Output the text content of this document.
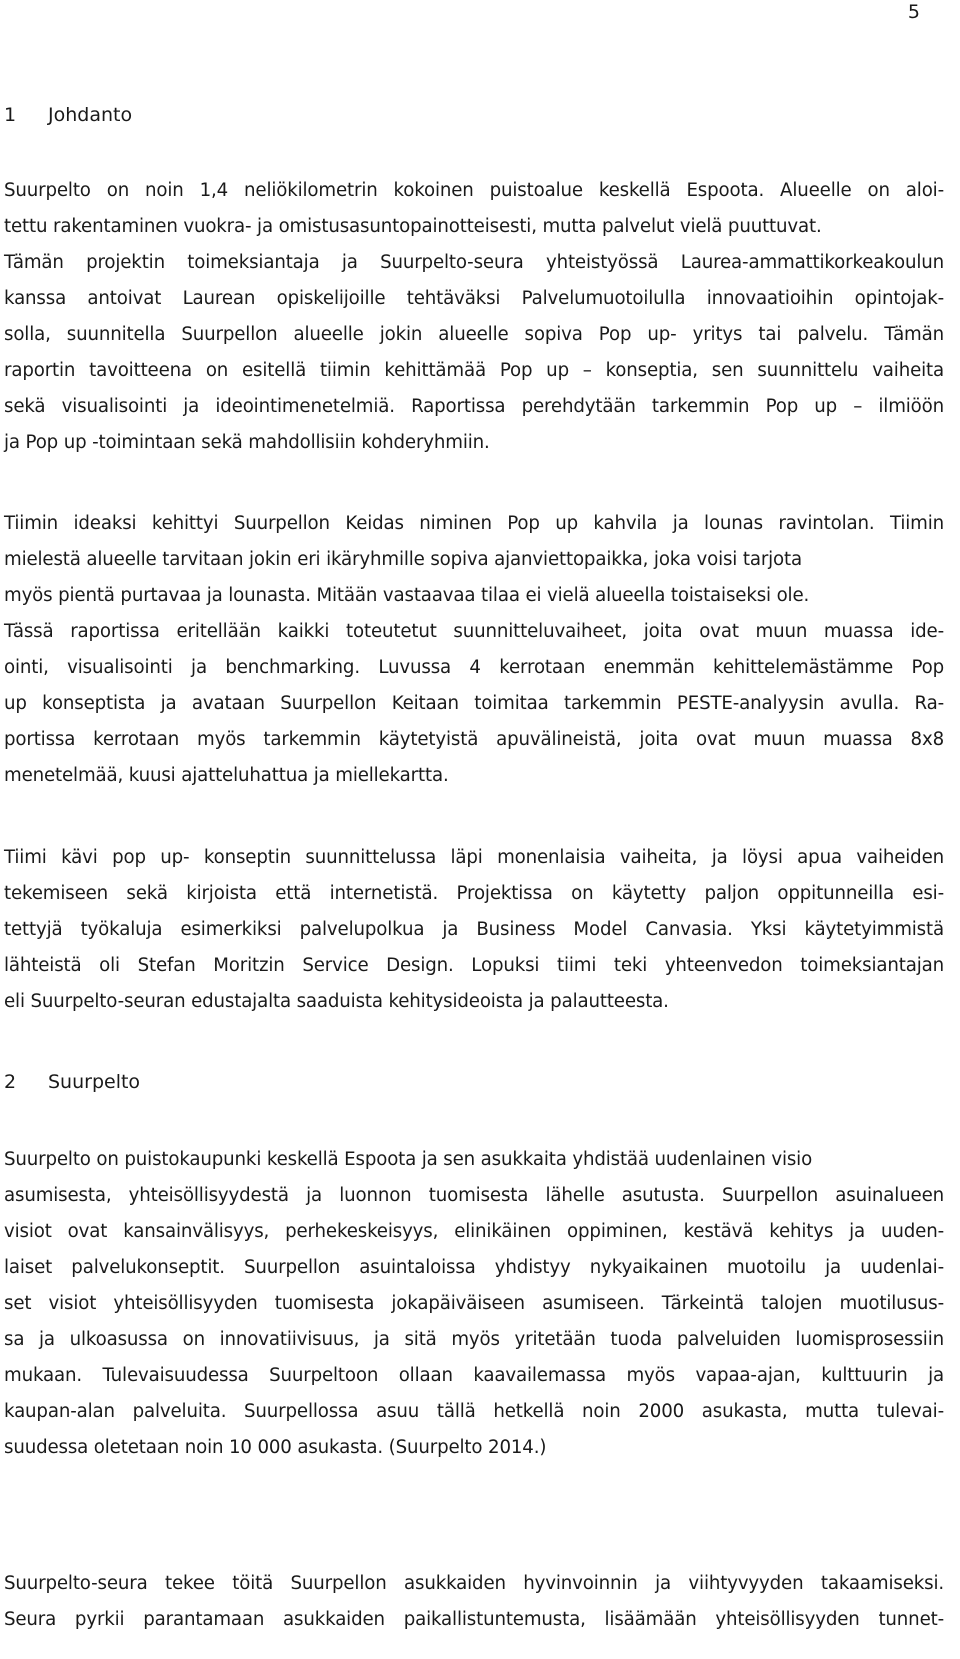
5
1 Johdanto
Suurpelto on noin 1,4 neliökilometrin kokoinen puistoalue keskellä Espoota. Alueelle on aloi-
tettu rakentaminen vuokra- ja omistusasuntopainotteisesti, mutta palvelut vielä puuttuvat.
Tämän projektin toimeksiantaja ja Suurpelto-seura yhteistyössä Laurea-ammattikorkeakoulun
kanssa antoivat Laurean opiskelijoille tehtäväksi Palvelumuotoilulla innovaatioihin opintojak-
solla, suunnitella Suurpellon alueelle jokin alueelle sopiva Pop up- yritys tai palvelu. Tämän
raportin tavoitteena on esitellä tiimin kehittämää Pop up – konseptia, sen suunnittelu vaiheita
sekä visualisointi ja ideointimenetelmiä. Raportissa perehdytään tarkemmin Pop up – ilmiöön
ja Pop up -toimintaan sekä mahdollisiin kohderyhmiin.
Tiimin ideaksi kehittyi Suurpellon Keidas niminen Pop up kahvila ja lounas ravintolan. Tiimin
mielestä alueelle tarvitaan jokin eri ikäryhmille sopiva ajanviettopaikka, joka voisi tarjota
myös pientä purtavaa ja lounasta. Mitään vastaavaa tilaa ei vielä alueella toistaiseksi ole.
Tässä raportissa eritellään kaikki toteutetut suunnitteluvaiheet, joita ovat muun muassa ide-
ointi, visualisointi ja benchmarking. Luvussa 4 kerrotaan enemmän kehittelemästämme Pop
up konseptista ja avataan Suurpellon Keitaan toimitaa tarkemmin PESTE-analyysin avulla. Ra-
portissa kerrotaan myös tarkemmin käytetyistä apuvälineistä, joita ovat muun muassa 8x8
menetelmää, kuusi ajatteluhattua ja miellekartta.
Tiimi kävi pop up- konseptin suunnittelussa läpi monenlaisia vaiheita, ja löysi apua vaiheiden
tekemiseen sekä kirjoista että internetistä. Projektissa on käytetty paljon oppitunneilla esi-
tettyjä työkaluja esimerkiksi palvelupolkua ja Business Model Canvasia. Yksi käytetyimmistä
lähteistä oli Stefan Moritzin Service Design. Lopuksi tiimi teki yhteenvedon toimeksiantajan
eli Suurpelto-seuran edustajalta saaduista kehitysideoista ja palautteesta.
2 Suurpelto
Suurpelto on puistokaupunki keskellä Espoota ja sen asukkaita yhdistää uudenlainen visio
asumisesta, yhteisöllisyydestä ja luonnon tuomisesta lähelle asutusta. Suurpellon asuinalueen
visiot ovat kansainvälisyys, perhekeskeisyys, elinikäinen oppiminen, kestävä kehitys ja uuden-
laiset palvelukonseptit. Suurpellon asuintaloissa yhdistyy nykyaikainen muotoilu ja uudenlai-
set visiot yhteisöllisyyden tuomisesta jokapäiväiseen asumiseen. Tärkeintä talojen muotilusus-
sa ja ulkoasussa on innovatiivisuus, ja sitä myös yritetään tuoda palveluiden luomisprosessiin
mukaan. Tulevaisuudessa Suurpeltoon ollaan kaavailemassa myös vapaa-ajan, kulttuurin ja
kaupan-alan palveluita. Suurpellossa asuu tällä hetkellä noin 2000 asukasta, mutta tulevai-
suudessa oletetaan noin 10 000 asukasta. (Suurpelto 2014.)
Suurpelto-seura tekee töitä Suurpellon asukkaiden hyvinvoinnin ja viihtyvyyden takaamiseksi.
Seura pyrkii parantamaan asukkaiden paikallistuntemusta, lisäämään yhteisöllisyyden tunnet-
